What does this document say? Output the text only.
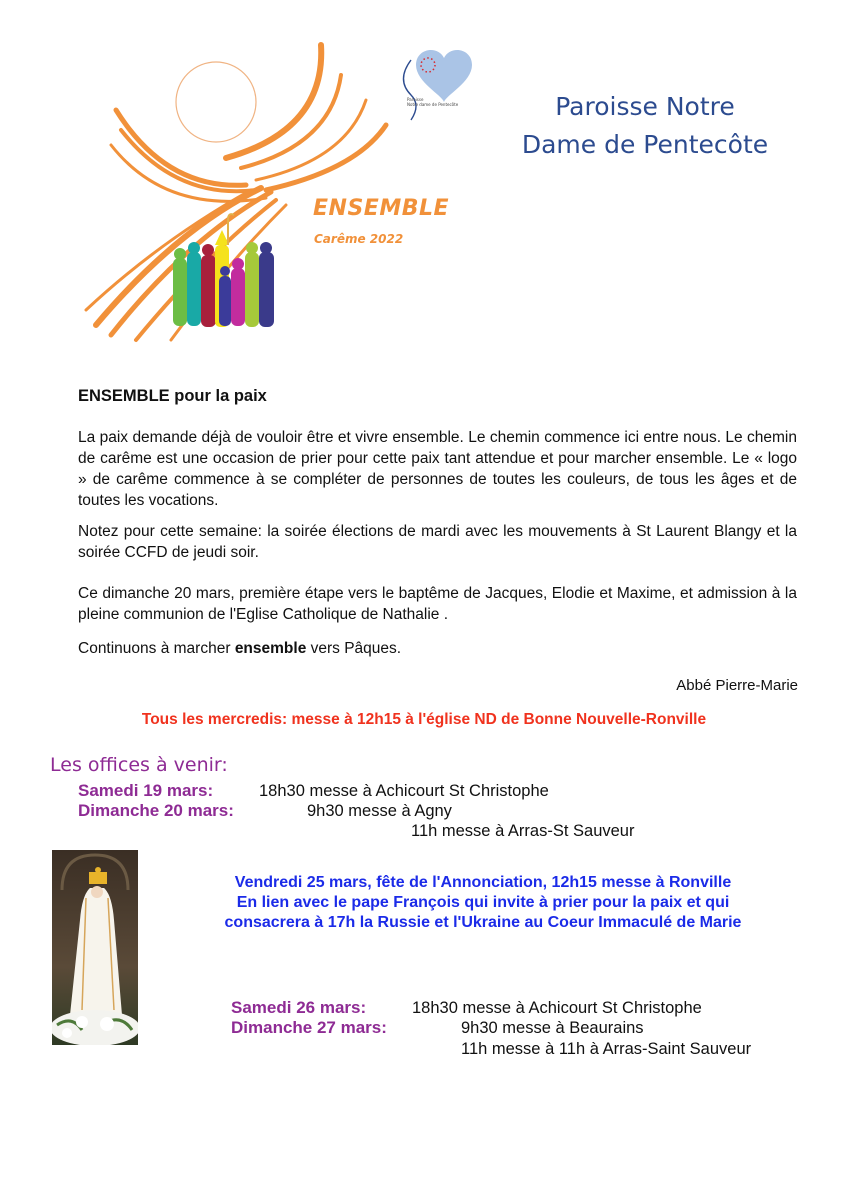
Paroisse
Notre dame de Pentecôte
ENSEMBLE
Carême 2022
Paroisse Notre
Dame de Pentecôte
ENSEMBLE pour la paix
La paix demande déjà de vouloir être et vivre ensemble. Le chemin commence ici entre nous. Le chemin de carême est une occasion de prier pour cette paix tant attendue et pour marcher ensemble. Le « logo » de carême commence à se compléter de personnes de toutes les couleurs, de tous les âges et de toutes les vocations.
Notez pour cette semaine: la soirée élections de mardi avec les mouvements à St Laurent Blangy et la soirée CCFD de jeudi soir.
Ce dimanche 20 mars, première étape vers le baptême de Jacques, Elodie et Maxime, et admission à la pleine communion de l'Eglise Catholique de Nathalie .
Continuons à marcher ensemble vers Pâques.
Abbé Pierre-Marie
Tous les mercredis: messe à 12h15 à l'église ND de Bonne Nouvelle-Ronville
Les offices à venir:
Samedi 19 mars:	18h30 messe à Achicourt St Christophe
Dimanche 20 mars:	9h30 messe à Agny
11h messe à Arras-St Sauveur
Vendredi 25 mars, fête de l'Annonciation, 12h15 messe à Ronville
En lien avec le pape François qui invite à prier pour la paix et qui
consacrera à 17h la Russie et l'Ukraine au Coeur Immaculé de Marie
Samedi 26 mars:	18h30 messe à Achicourt St Christophe
Dimanche 27 mars:	9h30 messe à Beaurains
11h messe à 11h à Arras-Saint Sauveur
